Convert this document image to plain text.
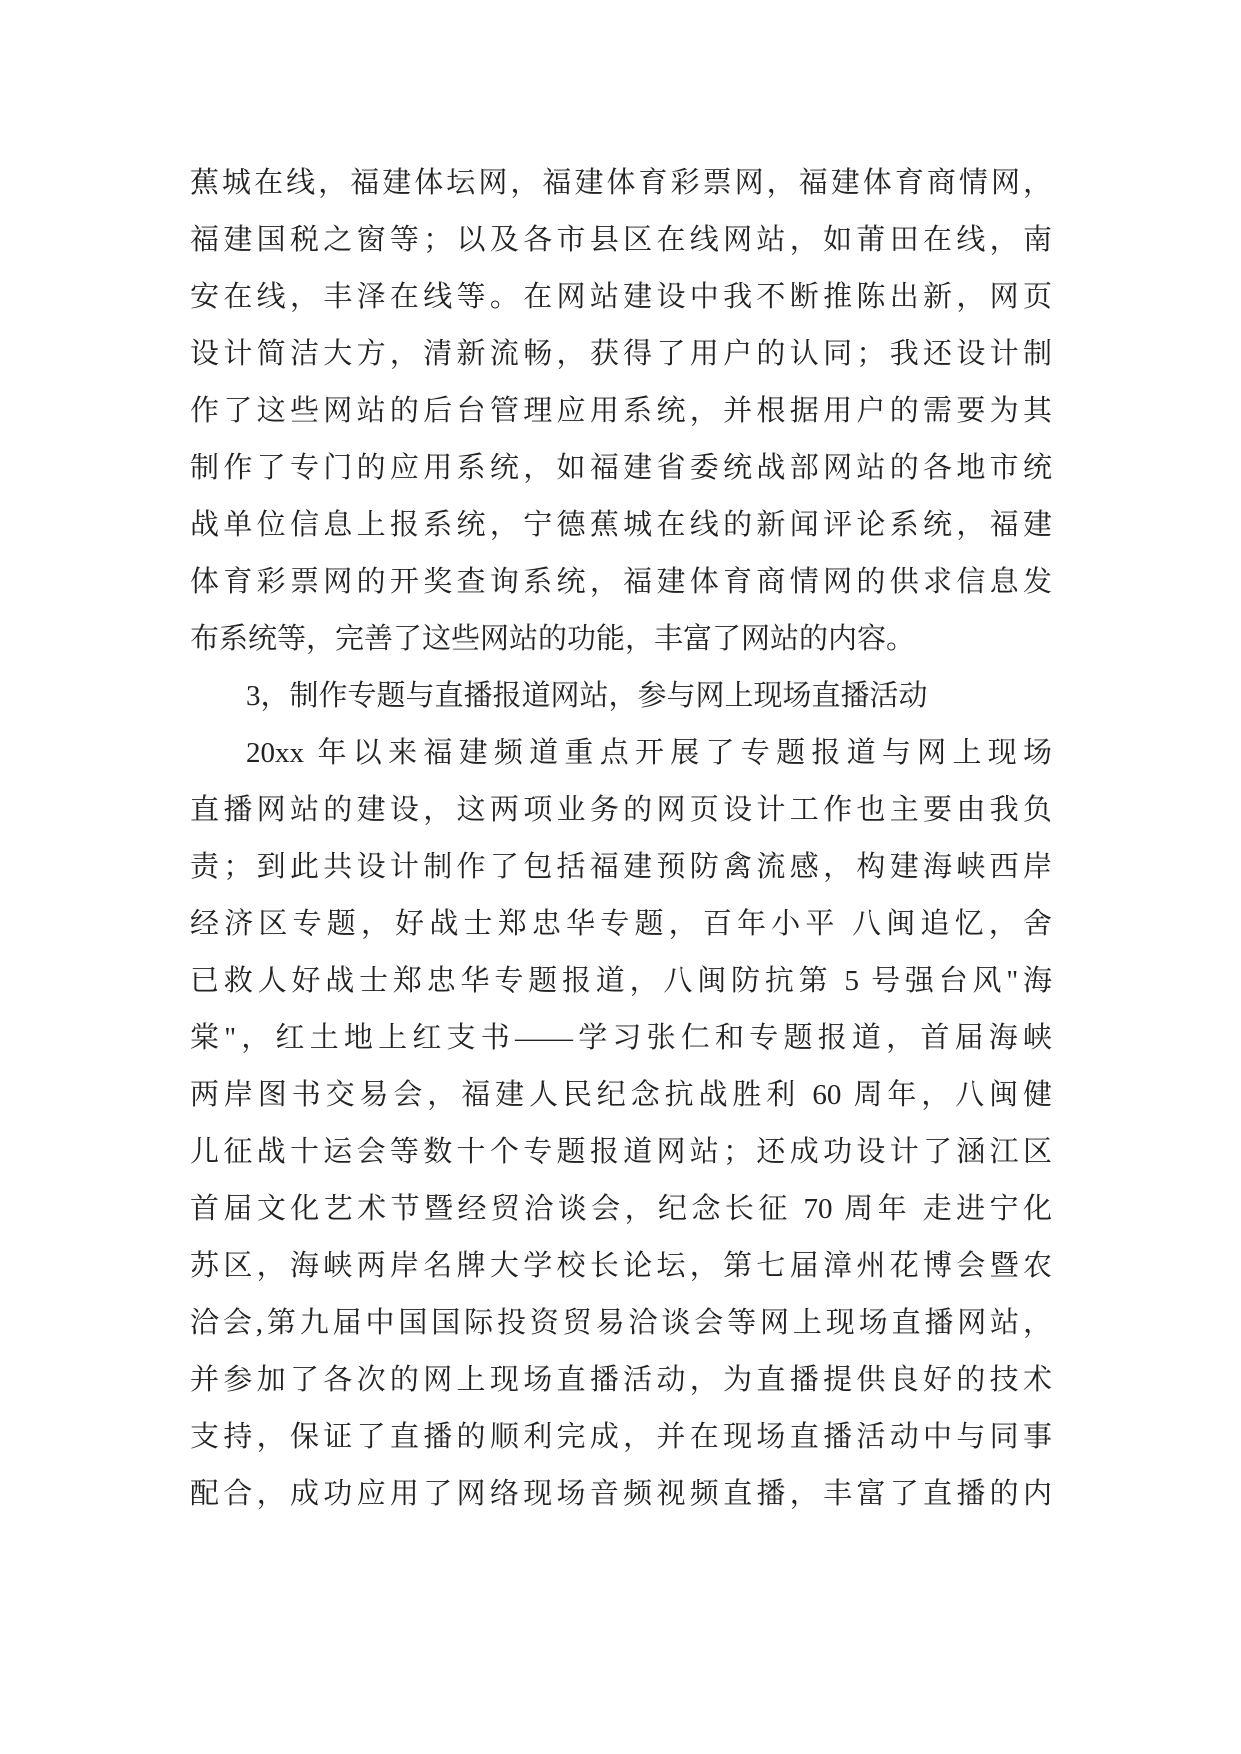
蕉城在线，福建体坛网，福建体育彩票网，福建体育商情网，
福建国税之窗等；以及各市县区在线网站，如莆田在线，南
安在线，丰泽在线等。在网站建设中我不断推陈出新，网页
设计简洁大方，清新流畅，获得了用户的认同；我还设计制
作了这些网站的后台管理应用系统，并根据用户的需要为其
制作了专门的应用系统，如福建省委统战部网站的各地市统
战单位信息上报系统，宁德蕉城在线的新闻评论系统，福建
体育彩票网的开奖查询系统，福建体育商情网的供求信息发
布系统等，完善了这些网站的功能，丰富了网站的内容。
3，制作专题与直播报道网站，参与网上现场直播活动
20xx 年以来福建频道重点开展了专题报道与网上现场
直播网站的建设，这两项业务的网页设计工作也主要由我负
责；到此共设计制作了包括福建预防禽流感，构建海峡西岸
经济区专题，好战士郑忠华专题，百年小平 八闽追忆，舍
已救人好战士郑忠华专题报道，八闽防抗第 5 号强台风"海
棠"，红土地上红支书——学习张仁和专题报道，首届海峡
两岸图书交易会，福建人民纪念抗战胜利 60 周年，八闽健
儿征战十运会等数十个专题报道网站；还成功设计了涵江区
首届文化艺术节暨经贸洽谈会，纪念长征 70 周年 走进宁化
苏区，海峡两岸名牌大学校长论坛，第七届漳州花博会暨农
洽会,第九届中国国际投资贸易洽谈会等网上现场直播网站，
并参加了各次的网上现场直播活动，为直播提供良好的技术
支持，保证了直播的顺利完成，并在现场直播活动中与同事
配合，成功应用了网络现场音频视频直播，丰富了直播的内
